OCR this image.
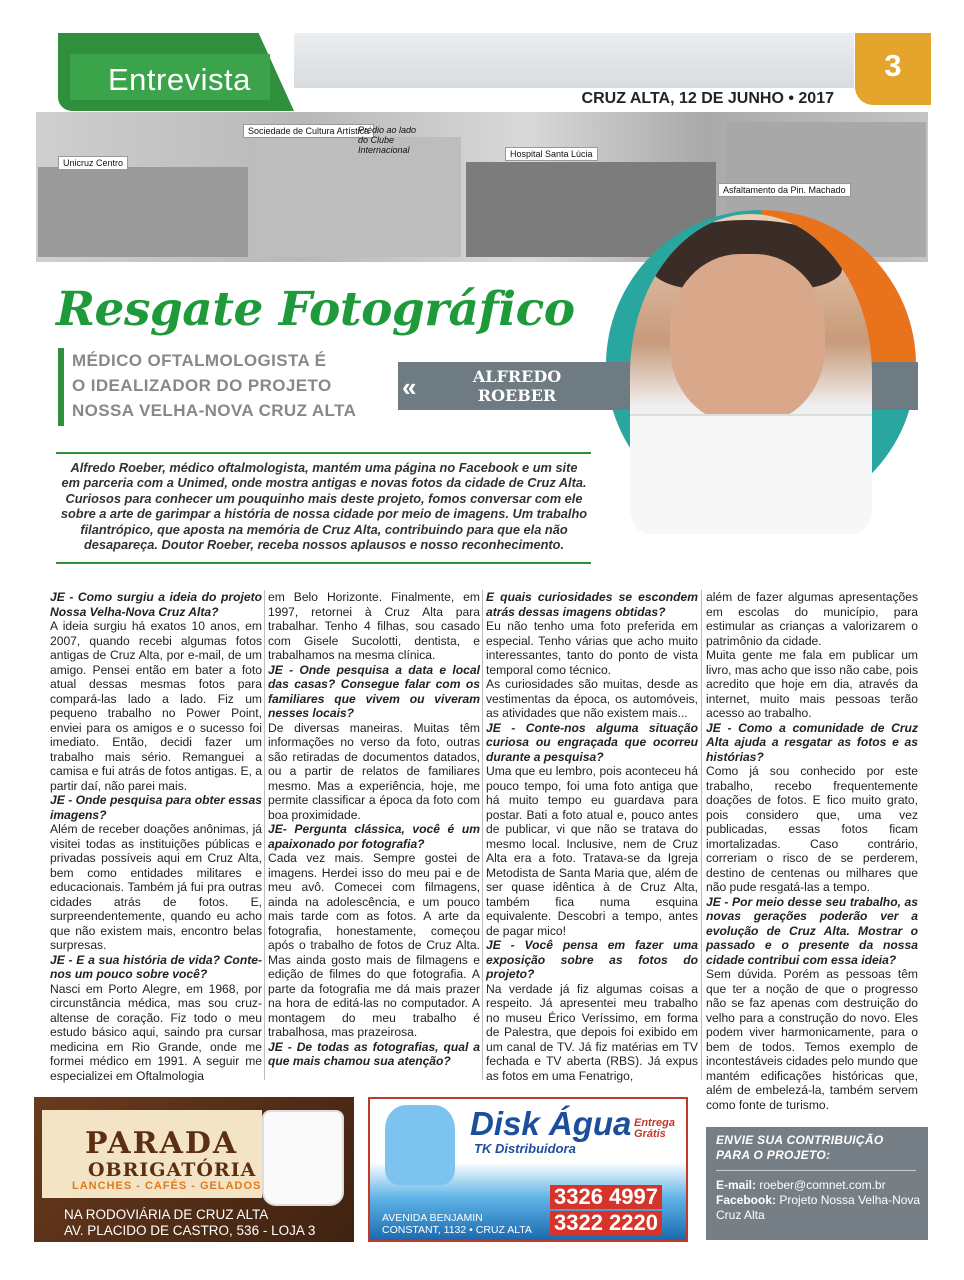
Entrevista	3
CRUZ ALTA, 12 DE JUNHO • 2017
Unicruz Centro
Sociedade de Cultura Artística
Prédio ao lado do Clube Internacional	Hospital Santa Lúcia
Asfaltamento da Pin. Machado
Resgate Fotográfico
MÉDICO OFTALMOLOGISTA É
O IDEALIZADOR DO PROJETO
NOSSA VELHA-NOVA CRUZ ALTA
«	ALFREDO
ROEBER
Alfredo Roeber, médico oftalmologista, mantém uma página no Facebook e um site em parceria com a Unimed, onde mostra antigas e novas fotos da cidade de Cruz Alta. Curiosos para conhecer um pouquinho mais deste projeto, fomos conversar com ele sobre a arte de garimpar a história de nossa cidade por meio de imagens. Um trabalho filantrópico, que aposta na memória de Cruz Alta, contribuindo para que ela não desapareça. Doutor Roeber, receba nossos aplausos e nosso reconhecimento.

JE - Como surgiu a ideia do projeto Nossa Velha-Nova Cruz Alta?

A ideia surgiu há exatos 10 anos, em 2007, quando recebi algumas fotos antigas de Cruz Alta, por e-mail, de um amigo. Pensei então em bater a foto atual dessas mesmas fotos para compará-las lado a lado. Fiz um pequeno trabalho no Power Point, enviei para os amigos e o sucesso foi imediato. Então, decidi fazer um trabalho mais sério. Remanguei a camisa e fui atrás de fotos antigas. E, a partir daí, não parei mais.

JE - Onde pesquisa para obter essas imagens?

Além de receber doações anônimas, já visitei todas as instituições públicas e privadas possíveis aqui em Cruz Alta, bem como entidades militares e educacionais. Também já fui pra outras cidades atrás de fotos. E, surpreendentemente, quando eu acho que não existem mais, encontro belas surpresas.

JE - E a sua história de vida? Conte-nos um pouco sobre você?

Nasci em Porto Alegre, em 1968, por circunstância médica, mas sou cruz-altense de coração. Fiz todo o meu estudo básico aqui, saindo pra cursar medicina em Rio Grande, onde me formei médico em 1991. A seguir me especializei em Oftalmologia

em Belo Horizonte. Finalmente, em 1997, retornei à Cruz Alta para trabalhar. Tenho 4 filhas, sou casado com Gisele Sucolotti, dentista, e trabalhamos na mesma clínica.

JE - Onde pesquisa a data e local das casas? Consegue falar com os familiares que vivem ou viveram nesses locais?

De diversas maneiras. Muitas têm informações no verso da foto, outras são retiradas de documentos datados, ou a partir de relatos de familiares mesmo. Mas a experiência, hoje, me permite classificar a época da foto com boa proximidade.

JE- Pergunta clássica, você é um apaixonado por fotografia?

Cada vez mais. Sempre gostei de imagens. Herdei isso do meu pai e de meu avô. Comecei com filmagens, ainda na adolescência, e um pouco mais tarde com as fotos. A arte da fotografia, honestamente, começou após o trabalho de fotos de Cruz Alta. Mas ainda gosto mais de filmagens e edição de filmes do que fotografia. A parte da fotografia me dá mais prazer na hora de editá-las no computador. A montagem do meu trabalho é trabalhosa, mas prazeirosa.

JE - De todas as fotografias, qual a que mais chamou sua atenção?

E quais curiosidades se escondem atrás dessas imagens obtidas?

Eu não tenho uma foto preferida em especial. Tenho várias que acho muito interessantes, tanto do ponto de vista temporal como técnico.

As curiosidades são muitas, desde as vestimentas da época, os automóveis, as atividades que não existem mais...

JE - Conte-nos alguma situação curiosa ou engraçada que ocorreu durante a pesquisa?

Uma que eu lembro, pois aconteceu há pouco tempo, foi uma foto antiga que há muito tempo eu guardava para postar. Bati a foto atual e, pouco antes de publicar, vi que não se tratava do mesmo local. Inclusive, nem de Cruz Alta era a foto. Tratava-se da Igreja Metodista de Santa Maria que, além de ser quase idêntica à de Cruz Alta, também fica numa esquina equivalente. Descobri a tempo, antes de pagar mico!

JE - Você pensa em fazer uma exposição sobre as fotos do projeto?

Na verdade já fiz algumas coisas a respeito. Já apresentei meu trabalho no museu Érico Veríssimo, em forma de Palestra, que depois foi exibido em um canal de TV. Já fiz matérias em TV fechada e TV aberta (RBS). Já expus as fotos em uma Fenatrigo,

além de fazer algumas apresentações em escolas do município, para estimular as crianças a valorizarem o patrimônio da cidade.

Muita gente me fala em publicar um livro, mas acho que isso não cabe, pois acredito que hoje em dia, através da internet, muito mais pessoas terão acesso ao trabalho.

JE - Como a comunidade de Cruz Alta ajuda a resgatar as fotos e as histórias?

Como já sou conhecido por este trabalho, recebo frequentemente doações de fotos. E fico muito grato, pois considero que, uma vez publicadas, essas fotos ficam imortalizadas. Caso contrário, correriam o risco de se perderem, destino de centenas ou milhares que não pude resgatá-las a tempo.

JE - Por meio desse seu trabalho, as novas gerações poderão ver a evolução de Cruz Alta. Mostrar o passado e o presente da nossa cidade contribui com essa ideia?

Sem dúvida. Porém as pessoas têm que ter a noção de que o progresso não se faz apenas com destruição do velho para a construção do novo. Eles podem viver harmonicamente, para o bem de todos. Temos exemplo de incontestáveis cidades pelo mundo que mantém edificações históricas que, além de embelezá-la, também servem como fonte de turismo.

PARADA
OBRIGATÓRIA
LANCHES - CAFÉS - GELADOS
NA RODOVIÁRIA DE CRUZ ALTA
AV. PLACIDO DE CASTRO, 536 - LOJA 3
Disk Água
TK Distribuidora
Entrega
Grátis
3326 4997
3322 2220
AVENIDA BENJAMIN
CONSTANT, 1132 • CRUZ ALTA
ENVIE SUA CONTRIBUIÇÃO
PARA O PROJETO:
E-mail: roeber@comnet.com.br
Facebook: Projeto Nossa Velha-Nova Cruz Alta
